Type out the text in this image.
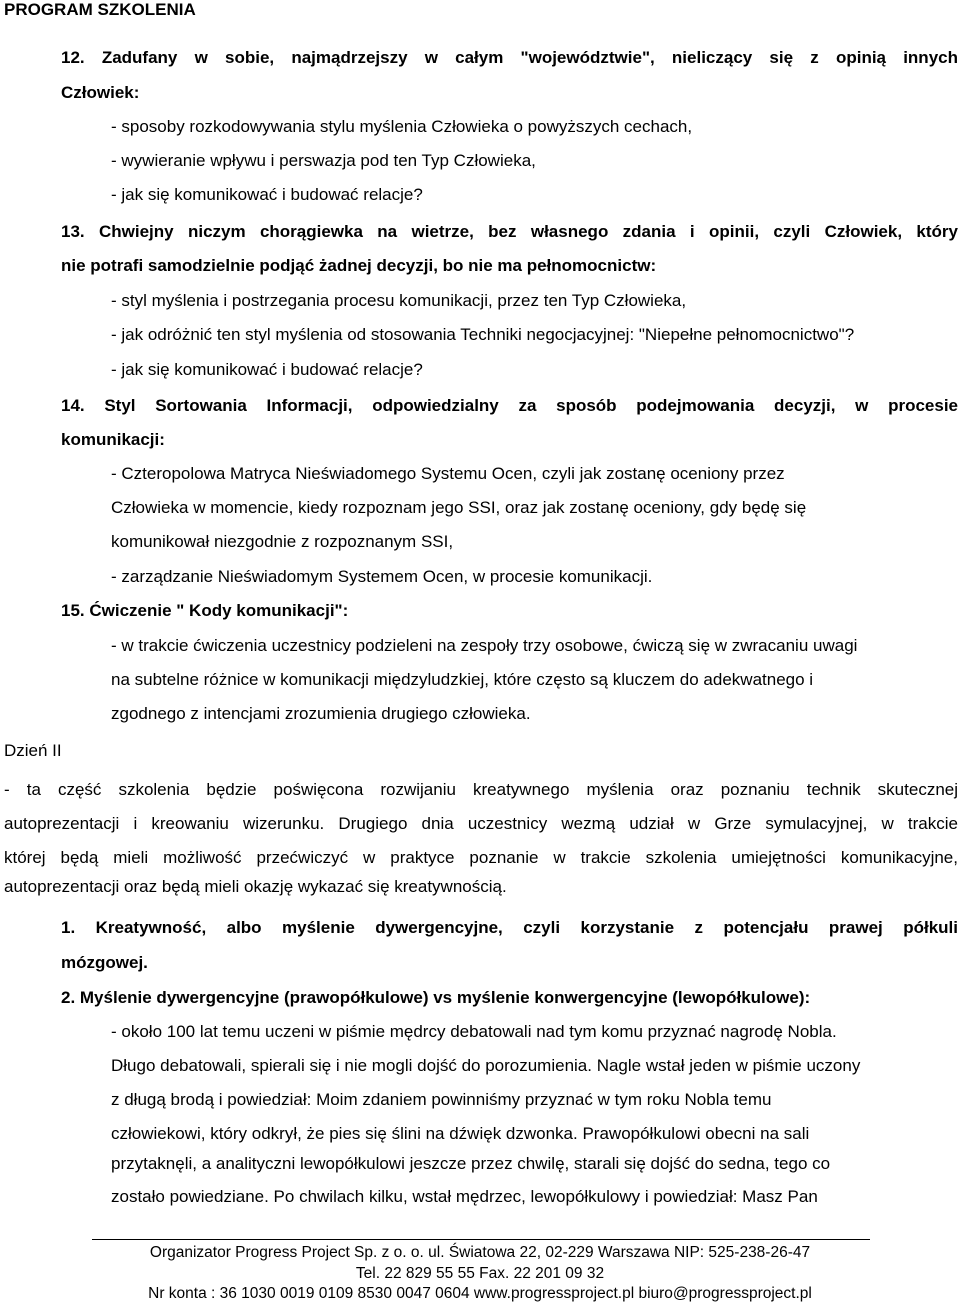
PROGRAM SZKOLENIA
12. Zadufany w sobie, najmądrzejszy w całym "województwie", nieliczący się z opinią innych
Człowiek:
- sposoby rozkodowywania stylu myślenia Człowieka o powyższych cechach,
- wywieranie wpływu i perswazja pod ten Typ Człowieka,
- jak się komunikować i budować relacje?
13. Chwiejny niczym chorągiewka na wietrze, bez własnego zdania i opinii, czyli Człowiek, który
nie potrafi samodzielnie podjąć żadnej decyzji, bo nie ma pełnomocnictw:
- styl myślenia i postrzegania procesu komunikacji, przez ten Typ Człowieka,
- jak odróżnić ten styl myślenia od stosowania Techniki negocjacyjnej: "Niepełne pełnomocnictwo"?
- jak się komunikować i budować relacje?
14. Styl Sortowania Informacji, odpowiedzialny za sposób podejmowania decyzji, w procesie
komunikacji:
- Czteropolowa Matryca Nieświadomego Systemu Ocen, czyli jak zostanę oceniony przez
Człowieka w momencie, kiedy rozpoznam jego SSI, oraz jak zostanę oceniony, gdy będę się
komunikował niezgodnie z rozpoznanym SSI,
- zarządzanie Nieświadomym Systemem Ocen, w procesie komunikacji.
15. Ćwiczenie " Kody komunikacji":
- w trakcie ćwiczenia uczestnicy podzieleni na zespoły trzy osobowe, ćwiczą się w zwracaniu uwagi
na subtelne różnice w komunikacji międzyludzkiej, które często są kluczem do adekwatnego i
zgodnego z intencjami zrozumienia drugiego człowieka.
Dzień II
- ta część szkolenia będzie poświęcona rozwijaniu kreatywnego myślenia oraz poznaniu technik skutecznej
autoprezentacji i kreowaniu wizerunku. Drugiego dnia uczestnicy wezmą udział w Grze symulacyjnej, w trakcie
której będą mieli możliwość przećwiczyć w praktyce poznanie w trakcie szkolenia umiejętności komunikacyjne,
autoprezentacji oraz będą mieli okazję wykazać się kreatywnością.
1. Kreatywność, albo myślenie dywergencyjne, czyli korzystanie z potencjału prawej półkuli
mózgowej.
2. Myślenie dywergencyjne (prawopółkulowe) vs myślenie konwergencyjne (lewopółkulowe):
- około 100 lat temu uczeni w piśmie mędrcy debatowali nad tym komu przyznać nagrodę Nobla.
Długo debatowali, spierali się i nie mogli dojść do porozumienia. Nagle wstał jeden w piśmie uczony
z długą brodą i powiedział: Moim zdaniem powinniśmy przyznać w tym roku Nobla temu
człowiekowi, który odkrył, że pies się ślini na dźwięk dzwonka. Prawopółkulowi obecni na sali
przytaknęli, a analityczni lewopółkulowi jeszcze przez chwilę, starali się dojść do sedna, tego co
zostało powiedziane. Po chwilach kilku, wstał mędrzec, lewopółkulowy i powiedział: Masz Pan
Organizator Progress Project Sp. z o. o. ul. Światowa 22, 02-229 Warszawa NIP: 525-238-26-47
Tel. 22 829 55 55 Fax. 22 201 09 32
Nr konta : 36 1030 0019 0109 8530 0047 0604 www.progressproject.pl biuro@progressproject.pl
